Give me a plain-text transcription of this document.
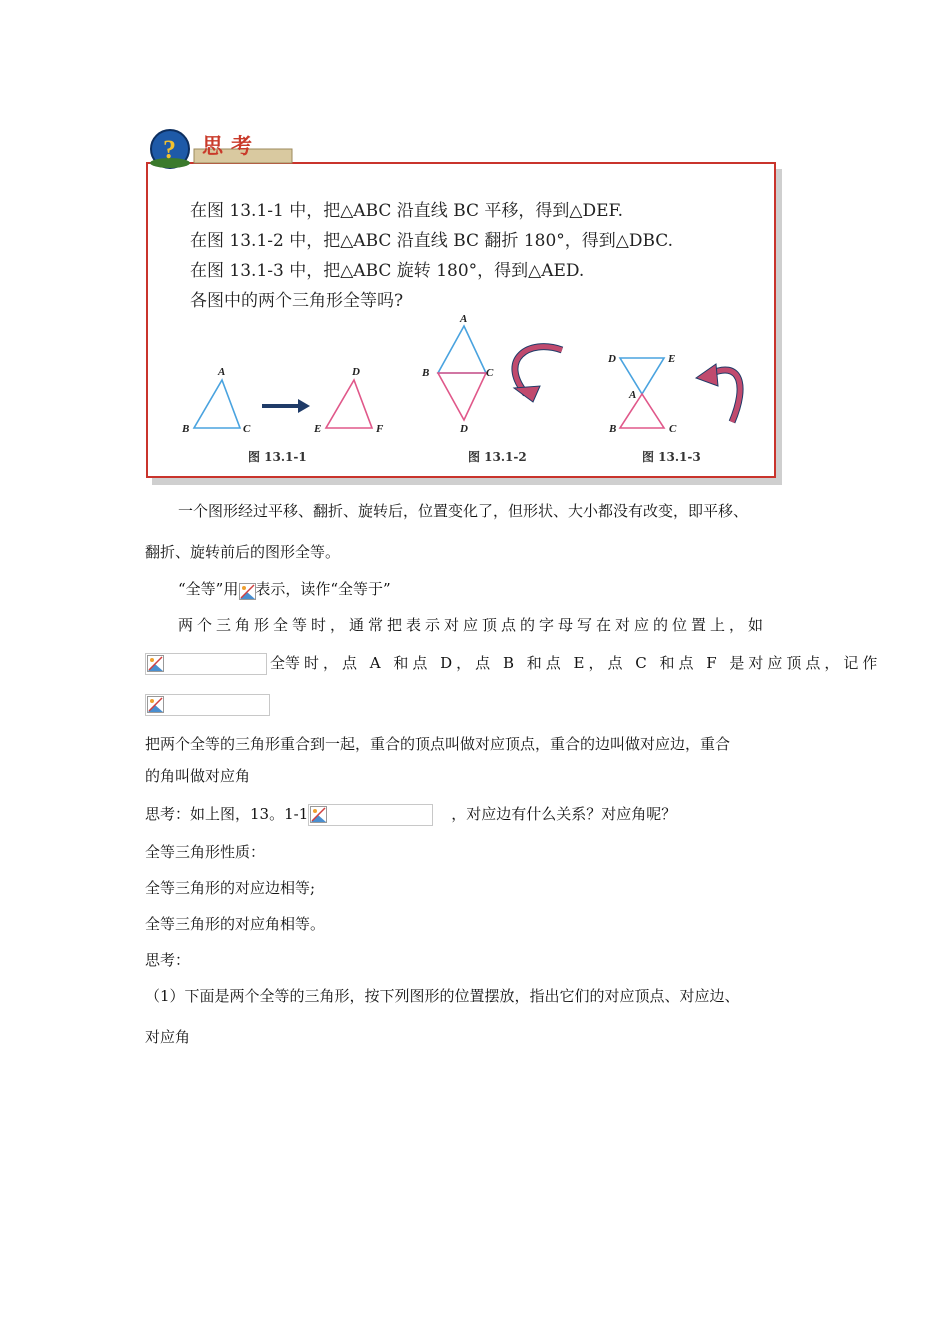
在图 13.1-1 中，把△ABC 沿直线 BC 平移，得到△DEF.
在图 13.1-2 中，把△ABC 沿直线 BC 翻折 180°，得到△DBC.
在图 13.1-3 中，把△ABC 旋转 180°，得到△AED.
各图中的两个三角形全等吗?
A
B	C
D
E	F
A
B	C
D
D	E
A
B	C
图 13.1-1	图 13.1-2	图 13.1-3
? 思考
一个图形经过平移、翻折、旋转后，位置变化了，但形状、大小都没有改变，即平移、
翻折、旋转前后的图形全等。
“全等”用 表示，读作“全等于”
两个三角形全等时，通常把表示对应顶点的字母写在对应的位置上，如
全等时，点 A 和点 D，点 B 和点 E，点 C 和点 F 是对应顶点，记作
把两个全等的三角形重合到一起，重合的顶点叫做对应顶点，重合的边叫做对应边，重合
的角叫做对应角
思考：如上图，13。1-1	，对应边有什么关系？对应角呢？
全等三角形性质：
全等三角形的对应边相等;
全等三角形的对应角相等。
思考：
（1）下面是两个全等的三角形，按下列图形的位置摆放，指出它们的对应顶点、对应边、
对应角
